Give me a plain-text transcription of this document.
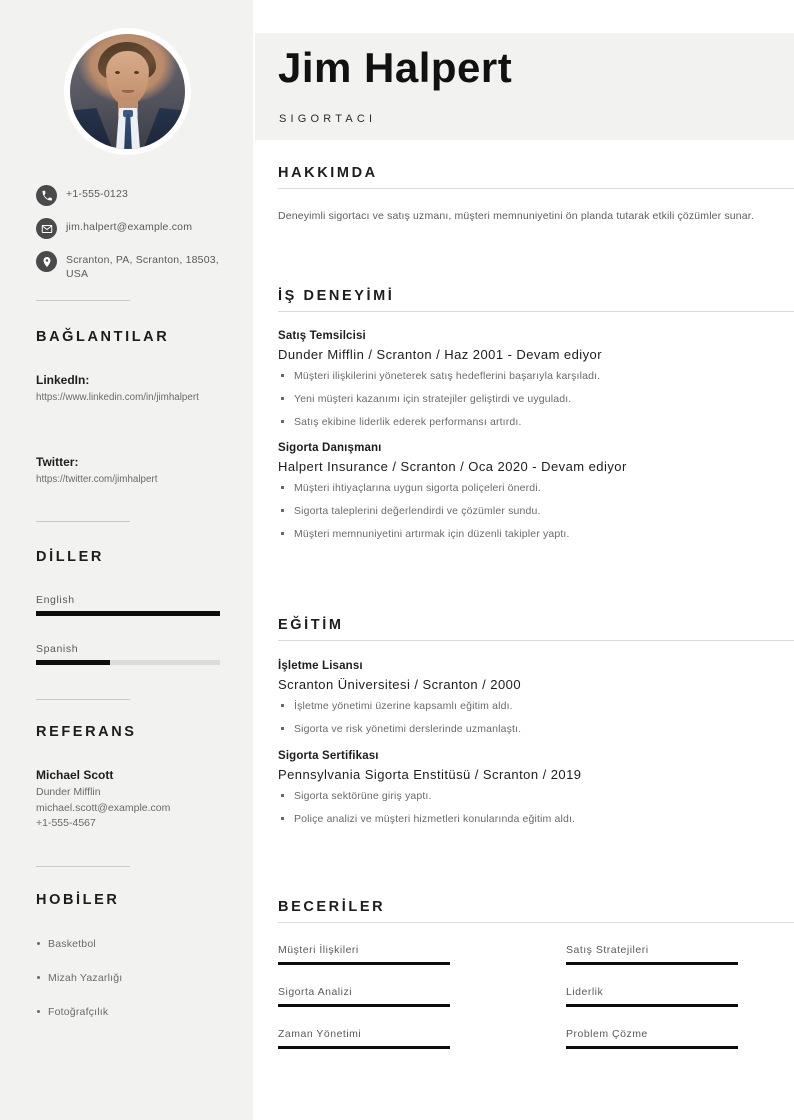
+1-555-0123
jim.halpert@example.com
Scranton, PA, Scranton, 18503, USA
BAĞLANTILAR
LinkedIn:
https://www.linkedin.com/in/jimhalpert
Twitter:
https://twitter.com/jimhalpert
DİLLER
English
Spanish
REFERANS
Michael Scott
Dunder Mifflin
michael.scott@example.com
+1-555-4567
HOBİLER
Basketbol
Mizah Yazarlığı
Fotoğrafçılık
Jim Halpert
SIGORTACI
HAKKIMDA
Deneyimli sigortacı ve satış uzmanı, müşteri memnuniyetini ön planda tutarak etkili çözümler sunar.
İŞ DENEYİMİ
Satış Temsilcisi
Dunder Mifflin / Scranton / Haz 2001 - Devam ediyor
Müşteri ilişkilerini yöneterek satış hedeflerini başarıyla karşıladı.
Yeni müşteri kazanımı için stratejiler geliştirdi ve uyguladı.
Satış ekibine liderlik ederek performansı artırdı.
Sigorta Danışmanı
Halpert Insurance / Scranton / Oca 2020 - Devam ediyor
Müşteri ihtiyaçlarına uygun sigorta poliçeleri önerdi.
Sigorta taleplerini değerlendirdi ve çözümler sundu.
Müşteri memnuniyetini artırmak için düzenli takipler yaptı.
EĞİTİM
İşletme Lisansı
Scranton Üniversitesi / Scranton / 2000
İşletme yönetimi üzerine kapsamlı eğitim aldı.
Sigorta ve risk yönetimi derslerinde uzmanlaştı.
Sigorta Sertifikası
Pennsylvania Sigorta Enstitüsü / Scranton / 2019
Sigorta sektörüne giriş yaptı.
Poliçe analizi ve müşteri hizmetleri konularında eğitim aldı.
BECERİLER
Müşteri İlişkileri	Satış Stratejileri
Sigorta Analizi	Liderlik
Zaman Yönetimi	Problem Çözme
